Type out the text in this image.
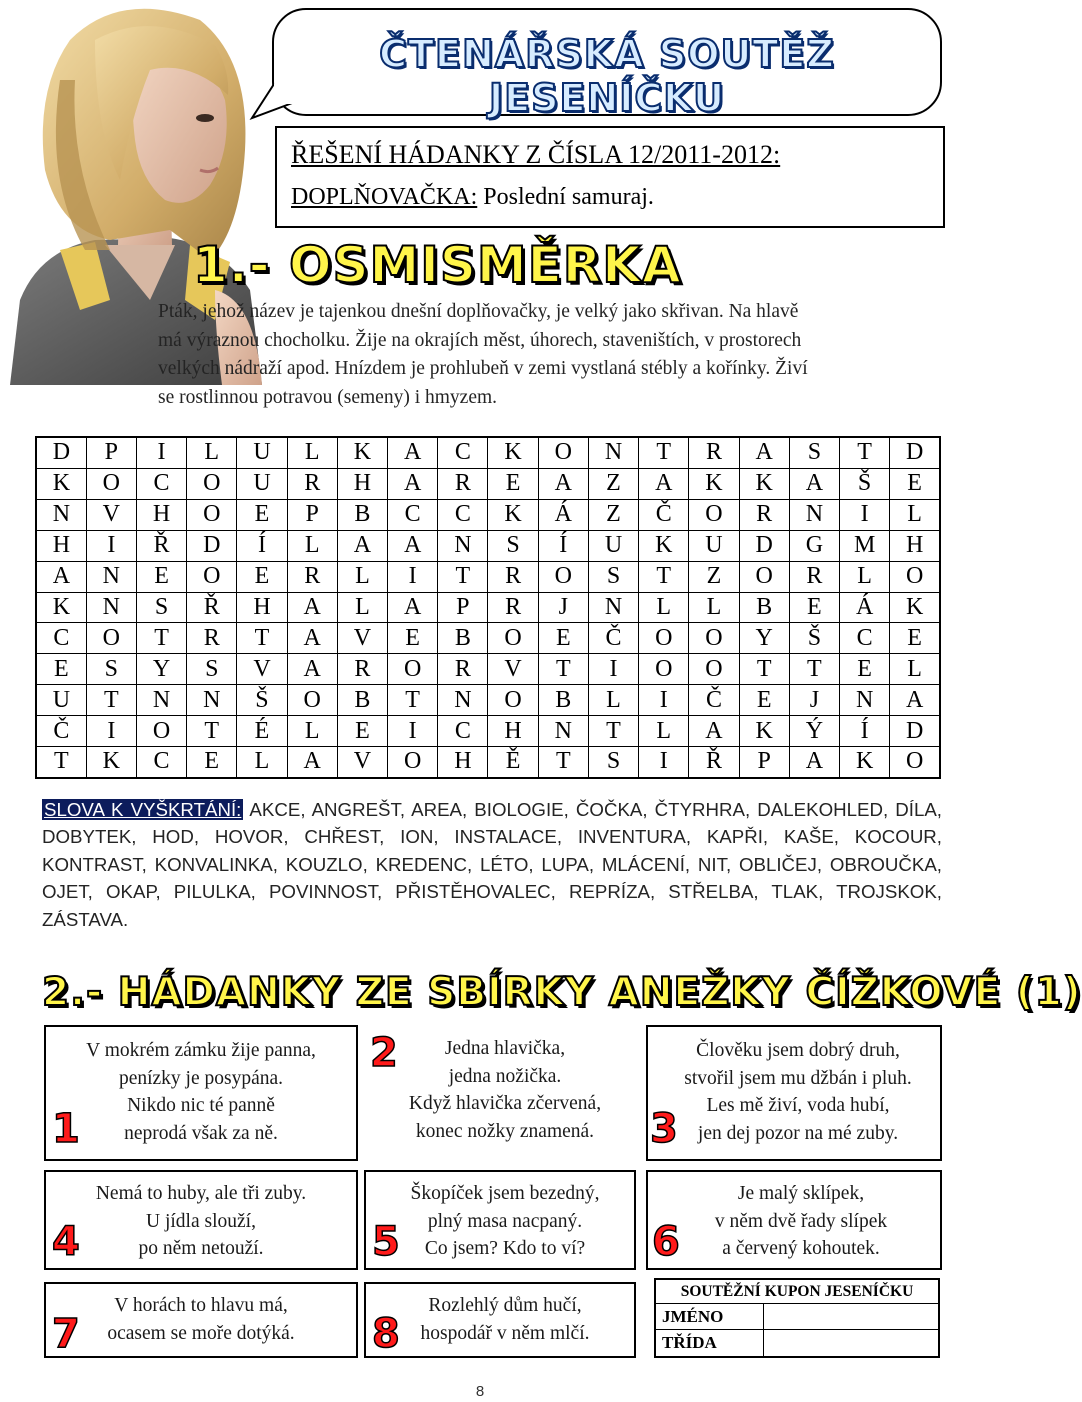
ČTENÁŘSKÁ SOUTĚŽ JESENÍČKU
ŘEŠENÍ HÁDANKY Z ČÍSLA 12/2011-2012:
DOPLŇOVAČKA: Poslední samuraj.
1.- OSMISMĚRKA
Pták, jehož název je tajenkou dnešní doplňovačky, je velký jako skřivan. Na hlavě
má výraznou chocholku. Žije na okrajích měst, úhorech, staveništích, v prostorech
velkých nádraží apod. Hnízdem je prohlubeň v zemi vystlaná stébly a kořínky. Živí
se rostlinnou potravou (semeny) i hmyzem.
D	P	I	L	U	L	K	A	C	K	O	N	T	R	A	S	T	D
K	O	C	O	U	R	H	A	R	E	A	Z	A	K	K	A	Š	E
N	V	H	O	E	P	B	C	C	K	Á	Z	Č	O	R	N	I	L
H	I	Ř	D	Í	L	A	A	N	S	Í	U	K	U	D	G	M	H
A	N	E	O	E	R	L	I	T	R	O	S	T	Z	O	R	L	O
K	N	S	Ř	H	A	L	A	P	R	J	N	L	L	B	E	Á	K
C	O	T	R	T	A	V	E	B	O	E	Č	O	O	Y	Š	C	E
E	S	Y	S	V	A	R	O	R	V	T	I	O	O	T	T	E	L
U	T	N	N	Š	O	B	T	N	O	B	L	I	Č	E	J	N	A
Č	I	O	T	É	L	E	I	C	H	N	T	L	A	K	Ý	Í	D
T	K	C	E	L	A	V	O	H	Ě	T	S	I	Ř	P	A	K	O
SLOVA K VYŠKRTÁNÍ: AKCE, ANGREŠT, AREA, BIOLOGIE, ČOČKA, ČTYRHRA, DALEKOHLED, DÍLA, DOBYTEK, HOD, HOVOR, CHŘEST, ION, INSTALACE, INVENTURA, KAPŘI, KAŠE, KOCOUR, KONTRAST, KONVALINKA, KOUZLO, KREDENC, LÉTO, LUPA, MLÁCENÍ, NIT, OBLIČEJ, OBROUČKA, OJET, OKAP, PILULKA, POVINNOST, PŘISTĚHOVALEC, REPRÍZA, STŘELBA, TLAK, TROJSKOK, ZÁSTAVA.
2.- HÁDANKY ZE SBÍRKY ANEŽKY ČÍŽKOVÉ (1)
V mokrém zámku žije panna,
penízky je posypána.
Nikdo nic té panně
neprodá však za ně.
1
Jedna hlavička,
jedna nožička.
Když hlavička zčervená,
konec nožky znamená.
2	Člověku jsem dobrý druh,
stvořil jsem mu džbán i pluh.
Les mě živí, voda hubí,
jen dej pozor na mé zuby.
3
Nemá to huby, ale tři zuby.
U jídla slouží,
po něm netouží.
4
Škopíček jsem bezedný,
plný masa nacpaný.
Co jsem? Kdo to ví?
5
Je malý sklípek,
v něm dvě řady slípek
a červený kohoutek.
6
V horách to hlavu má,
ocasem se moře dotýká.
7
Rozlehlý dům hučí,
hospodář v něm mlčí.
8
SOUTĚŽNÍ KUPON JESENÍČKU	
JMÉNO	
TŘÍDA	
8
